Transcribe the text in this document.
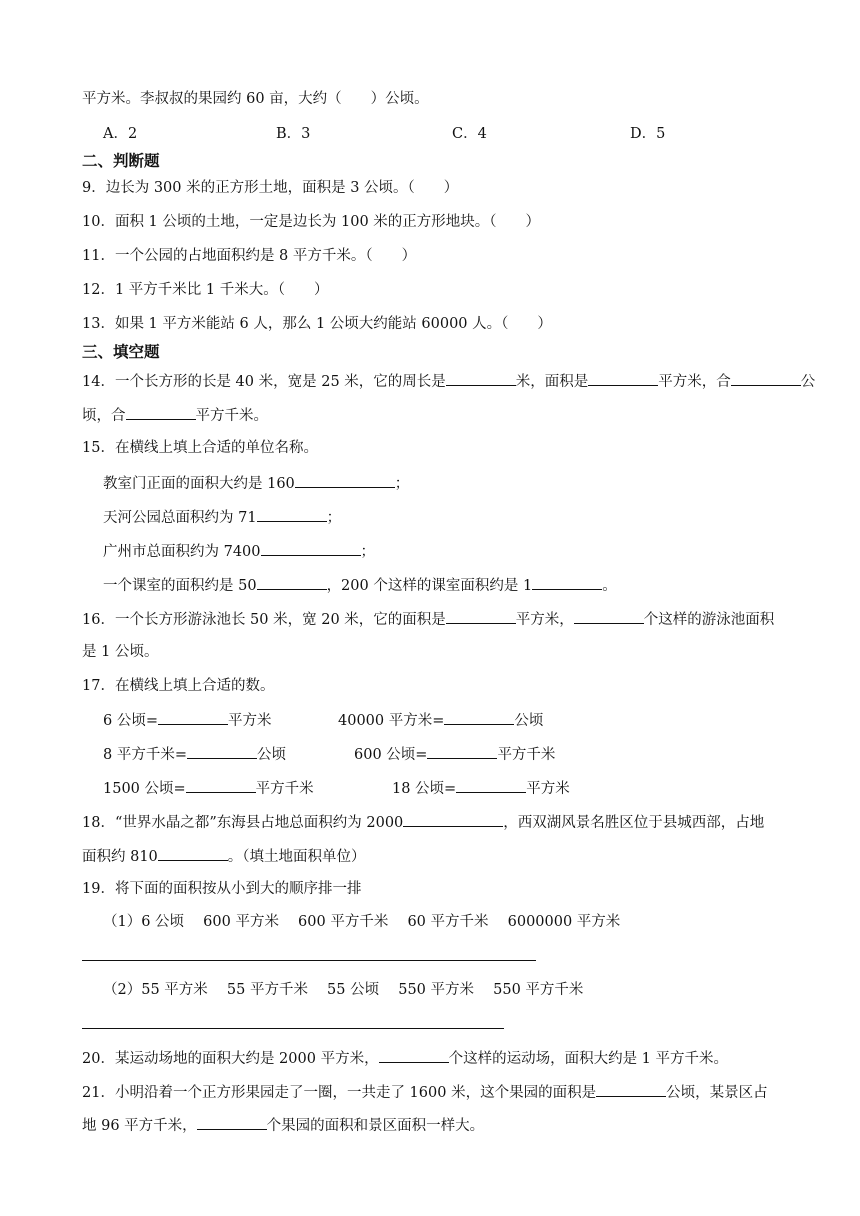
平方米。李叔叔的果园约 60 亩，大约（　　）公顷。
A．2	B．3	C．4	D．5
二、判断题
9．边长为 300 米的正方形土地，面积是 3 公顷。（　　）
10．面积 1 公顷的土地，一定是边长为 100 米的正方形地块。（　　）
11．一个公园的占地面积约是 8 平方千米。（　　）
12．1 平方千米比 1 千米大。（　　）
13．如果 1 平方米能站 6 人，那么 1 公顷大约能站 60000 人。（　　）
三、填空题
14．一个长方形的长是 40 米，宽是 25 米，它的周长是	米，面积是	平方米，合	公
顷，合	平方千米。
15．在横线上填上合适的单位名称。
教室门正面的面积大约是 160	；
天河公园总面积约为 71	；
广州市总面积约为 7400	；
一个课室的面积约是 50	，200 个这样的课室面积约是 1	。
16．一个长方形游泳池长 50 米，宽 20 米，它的面积是	平方米，	个这样的游泳池面积
是 1 公顷。
17．在横线上填上合适的数。
6 公顷=	平方米	40000 平方米=	公顷
8 平方千米=	公顷	600 公顷=	平方千米
1500 公顷=	平方千米	18 公顷=	平方米
18．“世界水晶之都”东海县占地总面积约为 2000	，西双湖风景名胜区位于县城西部，占地
面积约 810	。（填土地面积单位）
19．将下面的面积按从小到大的顺序排一排
（1）6 公顷　 600 平方米　 600 平方千米　 60 平方千米　 6000000 平方米
（2）55 平方米　 55 平方千米　 55 公顷　 550 平方米　 550 平方千米
20．某运动场地的面积大约是 2000 平方米，	个这样的运动场，面积大约是 1 平方千米。
21．小明沿着一个正方形果园走了一圈，一共走了 1600 米，这个果园的面积是	公顷，某景区占
地 96 平方千米，	个果园的面积和景区面积一样大。
